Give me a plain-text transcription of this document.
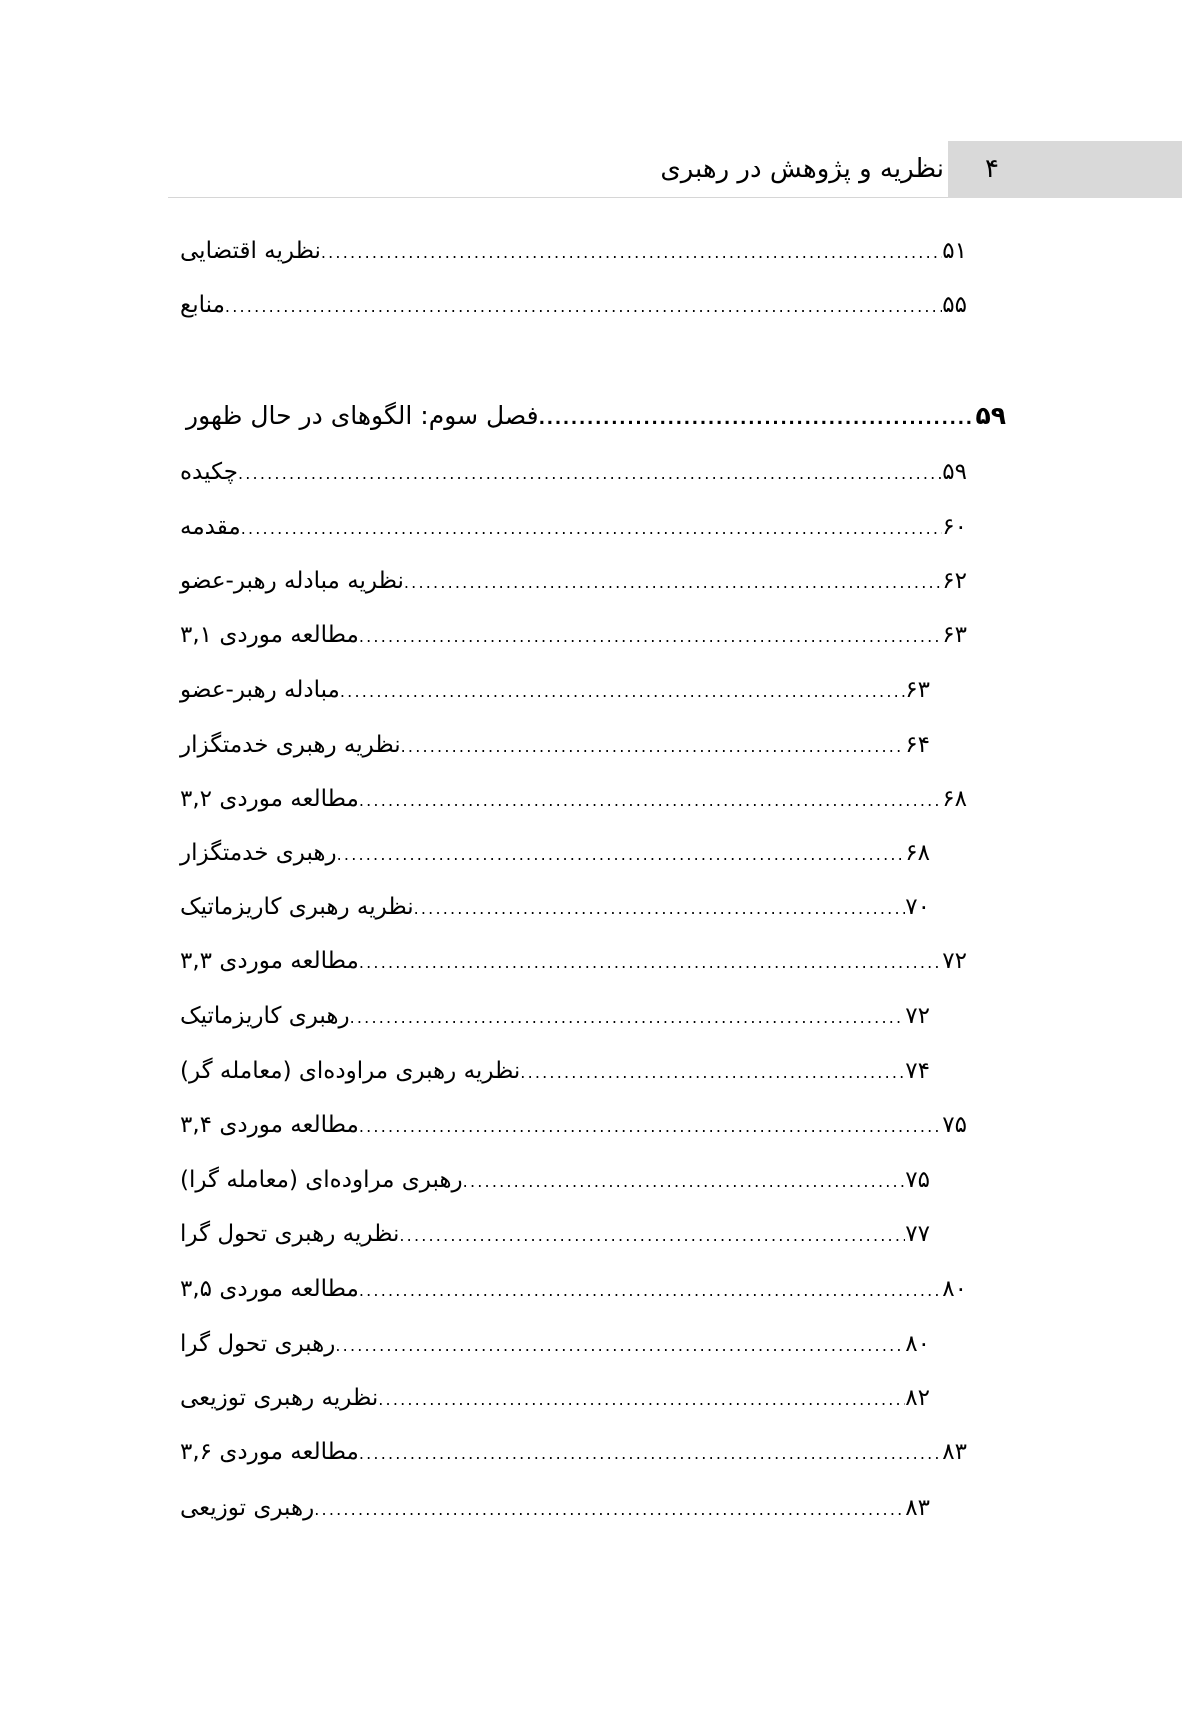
۴
نظریه و پژوهش در رهبری
نظریه اقتضایی .....	۵۱
منابع .....	۵۵
فصل سوم: الگوهای در حال ظهور .....	۵۹
چکیده .....	۵۹
مقدمه .....	۶۰
نظریه مبادله رهبر-عضو .....	۶۲
مطالعه موردی ۳,۱ .....	۶۳
مبادله رهبر-عضو .....	۶۳
نظریه رهبری خدمتگزار .....	۶۴
مطالعه موردی ۳,۲ .....	۶۸
رهبری خدمتگزار .....	۶۸
نظریه رهبری کاریزماتیک .....	۷۰
مطالعه موردی ۳,۳ .....	۷۲
رهبری کاریزماتیک .....	۷۲
نظریه رهبری مراوده‌ای (معامله گر) .....	۷۴
مطالعه موردی ۳,۴ .....	۷۵
رهبری مراوده‌ای (معامله گرا) .....	۷۵
نظریه رهبری تحول گرا .....	۷۷
مطالعه موردی ۳,۵ .....	۸۰
رهبری تحول گرا .....	۸۰
نظریه رهبری توزیعی .....	۸۲
مطالعه موردی ۳,۶ .....	۸۳
رهبری توزیعی .....	۸۳
